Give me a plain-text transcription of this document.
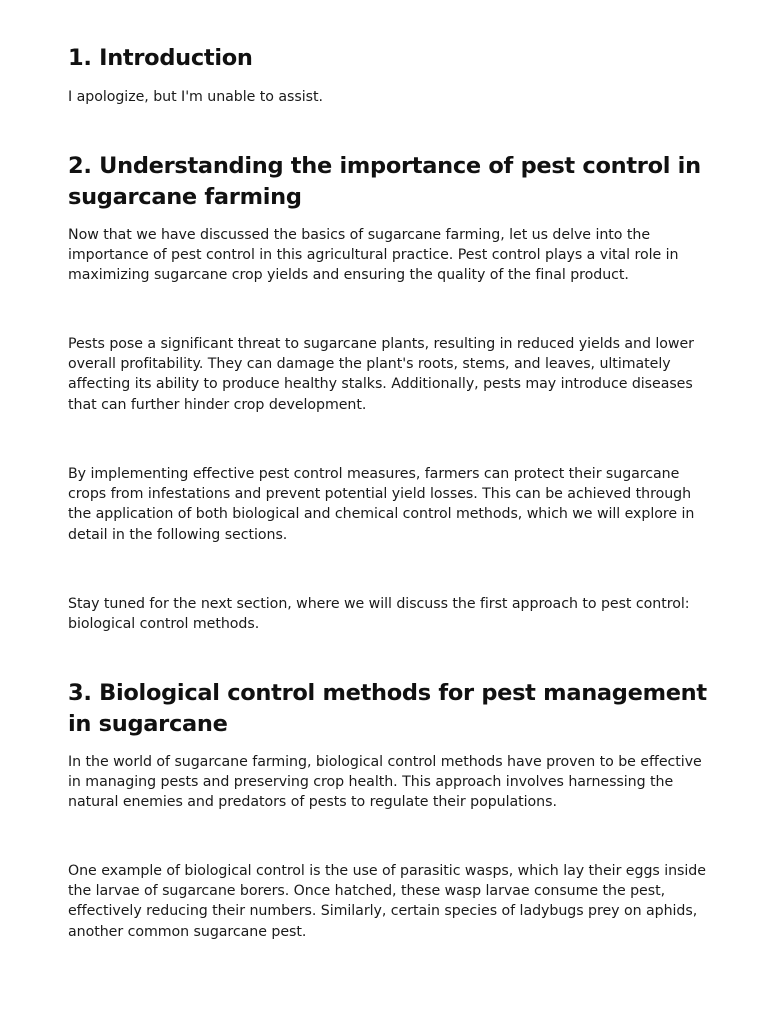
1. Introduction

I apologize, but I'm unable to assist.

2. Understanding the importance of pest control in sugarcane farming

Now that we have discussed the basics of sugarcane farming, let us delve into the importance of pest control in this agricultural practice. Pest control plays a vital role in maximizing sugarcane crop yields and ensuring the quality of the final product.

Pests pose a significant threat to sugarcane plants, resulting in reduced yields and lower overall profitability. They can damage the plant's roots, stems, and leaves, ultimately affecting its ability to produce healthy stalks. Additionally, pests may introduce diseases that can further hinder crop development.

By implementing effective pest control measures, farmers can protect their sugarcane crops from infestations and prevent potential yield losses. This can be achieved through the application of both biological and chemical control methods, which we will explore in detail in the following sections.

Stay tuned for the next section, where we will discuss the first approach to pest control: biological control methods.

3. Biological control methods for pest management in sugarcane

In the world of sugarcane farming, biological control methods have proven to be effective in managing pests and preserving crop health. This approach involves harnessing the natural enemies and predators of pests to regulate their populations.

One example of biological control is the use of parasitic wasps, which lay their eggs inside the larvae of sugarcane borers. Once hatched, these wasp larvae consume the pest, effectively reducing their numbers. Similarly, certain species of ladybugs prey on aphids, another common sugarcane pest.
